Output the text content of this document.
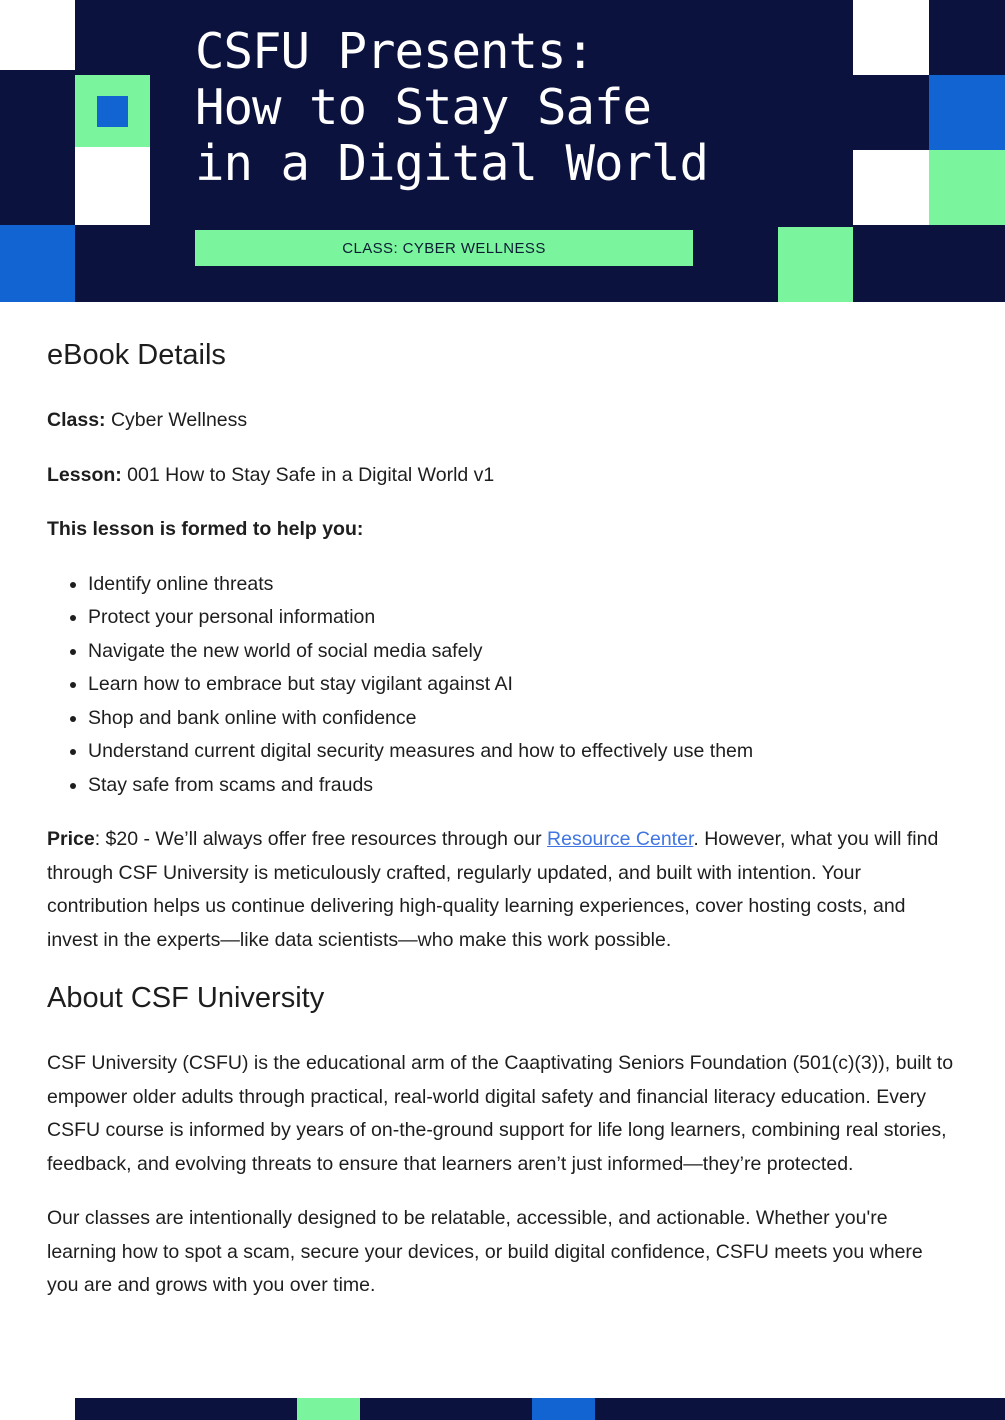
CSFU Presents:
How to Stay Safe
in a Digital World
CLASS: CYBER WELLNESS
eBook Details

Class: Cyber Wellness

Lesson: 001 How to Stay Safe in a Digital World v1

This lesson is formed to help you:

• Identify online threats
• Protect your personal information
• Navigate the new world of social media safely
• Learn how to embrace but stay vigilant against AI
• Shop and bank online with confidence
• Understand current digital security measures and how to effectively use them
• Stay safe from scams and frauds

Price: $20 - We’ll always offer free resources through our Resource Center. However, what you will find through CSF University is meticulously crafted, regularly updated, and built with intention. Your contribution helps us continue delivering high-quality learning experiences, cover hosting costs, and invest in the experts—like data scientists—who make this work possible.

About CSF University

CSF University (CSFU) is the educational arm of the Caaptivating Seniors Foundation (501(c)(3)), built to empower older adults through practical, real-world digital safety and financial literacy education. Every CSFU course is informed by years of on-the-ground support for life long learners, combining real stories, feedback, and evolving threats to ensure that learners aren’t just informed—they’re protected.

Our classes are intentionally designed to be relatable, accessible, and actionable. Whether you're learning how to spot a scam, secure your devices, or build digital confidence, CSFU meets you where you are and grows with you over time.
